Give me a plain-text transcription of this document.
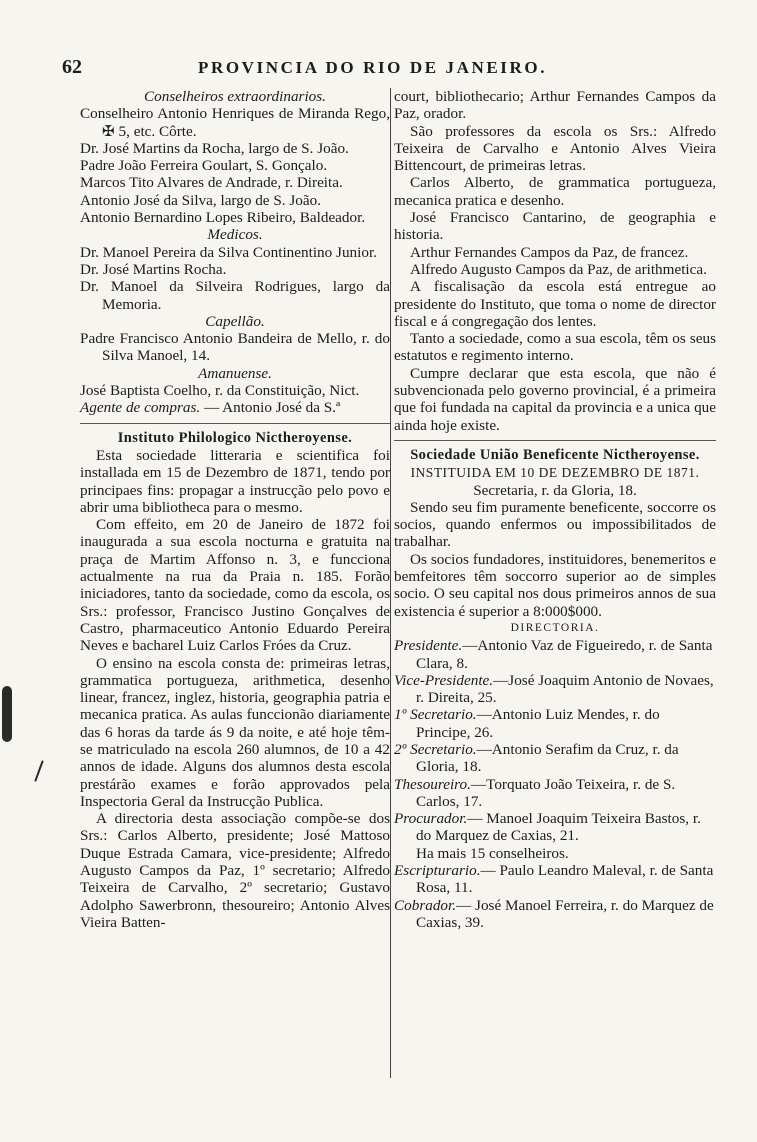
62	PROVINCIA DO RIO DE JANEIRO.

Conselheiros extraordinarios.

Conselheiro Antonio Henriques de Miranda Rego, ✠ 5, etc. Côrte.

Dr. José Martins da Rocha, largo de S. João.

Padre João Ferreira Goulart, S. Gonçalo.

Marcos Tito Alvares de Andrade, r. Direita.

Antonio José da Silva, largo de S. João.

Antonio Bernardino Lopes Ribeiro, Baldeador.

Medicos.

Dr. Manoel Pereira da Silva Continentino Junior.

Dr. José Martins Rocha.

Dr. Manoel da Silveira Rodrigues, largo da Memoria.

Capellão.

Padre Francisco Antonio Bandeira de Mello, r. do Silva Manoel, 14.

Amanuense.

José Baptista Coelho, r. da Constituição, Nict.

Agente de compras. — Antonio José da S.ª

Instituto Philologico Nictheroyense.

Esta sociedade litteraria e scientifica foi installada em 15 de Dezembro de 1871, tendo por principaes fins: propagar a instrucção pelo povo e abrir uma bibliotheca para o mesmo.

Com effeito, em 20 de Janeiro de 1872 foi inaugurada a sua escola nocturna e gratuita na praça de Martim Affonso n. 3, e funcciona actualmente na rua da Praia n. 185. Forão iniciadores, tanto da sociedade, como da escola, os Srs.: professor, Francisco Justino Gonçalves de Castro, pharmaceutico Antonio Eduardo Pereira Neves e bacharel Luiz Carlos Fróes da Cruz.

O ensino na escola consta de: primeiras letras, grammatica portugueza, arithmetica, desenho linear, francez, inglez, historia, geographia patria e mecanica pratica. As aulas funccionão diariamente das 6 horas da tarde ás 9 da noite, e até hoje têm-se matriculado na escola 260 alumnos, de 10 a 42 annos de idade. Alguns dos alumnos desta escola prestárão exames e forão approvados pela Inspectoria Geral da Instrucção Publica.

A directoria desta associação compõe-se dos Srs.: Carlos Alberto, presidente; José Mattoso Duque Estrada Camara, vice-presidente; Alfredo Augusto Campos da Paz, 1º secretario; Alfredo Teixeira de Carvalho, 2º secretario; Gustavo Adolpho Sawerbronn, thesoureiro; Antonio Alves Vieira Batten-

court, bibliothecario; Arthur Fernandes Campos da Paz, orador.

São professores da escola os Srs.: Alfredo Teixeira de Carvalho e Antonio Alves Vieira Bittencourt, de primeiras letras.

Carlos Alberto, de grammatica portugueza, mecanica pratica e desenho.

José Francisco Cantarino, de geographia e historia.

Arthur Fernandes Campos da Paz, de francez.

Alfredo Augusto Campos da Paz, de arithmetica.

A fiscalisação da escola está entregue ao presidente do Instituto, que toma o nome de director fiscal e á congregação dos lentes.

Tanto a sociedade, como a sua escola, têm os seus estatutos e regimento interno.

Cumpre declarar que esta escola, que não é subvencionada pelo governo provincial, é a primeira que foi fundada na capital da provincia e a unica que ainda hoje existe.

Sociedade União Beneficente Nictheroyense.

INSTITUIDA EM 10 DE DEZEMBRO DE 1871.

Secretaria, r. da Gloria, 18.

Sendo seu fim puramente beneficente, soccorre os socios, quando enfermos ou impossibilitados de trabalhar.

Os socios fundadores, instituidores, benemeritos e bemfeitores têm soccorro superior ao de simples socio. O seu capital nos dous primeiros annos de sua existencia é superior a 8:000$000.

DIRECTORIA.

Presidente.—Antonio Vaz de Figueiredo, r. de Santa Clara, 8.

Vice-Presidente.—José Joaquim Antonio de Novaes, r. Direita, 25.

1º Secretario.—Antonio Luiz Mendes, r. do Principe, 26.

2º Secretario.—Antonio Serafim da Cruz, r. da Gloria, 18.

Thesoureiro.—Torquato João Teixeira, r. de S. Carlos, 17.

Procurador.— Manoel Joaquim Teixeira Bastos, r. do Marquez de Caxias, 21.

Ha mais 15 conselheiros.

Escripturario.— Paulo Leandro Maleval, r. de Santa Rosa, 11.

Cobrador.— José Manoel Ferreira, r. do Marquez de Caxias, 39.
